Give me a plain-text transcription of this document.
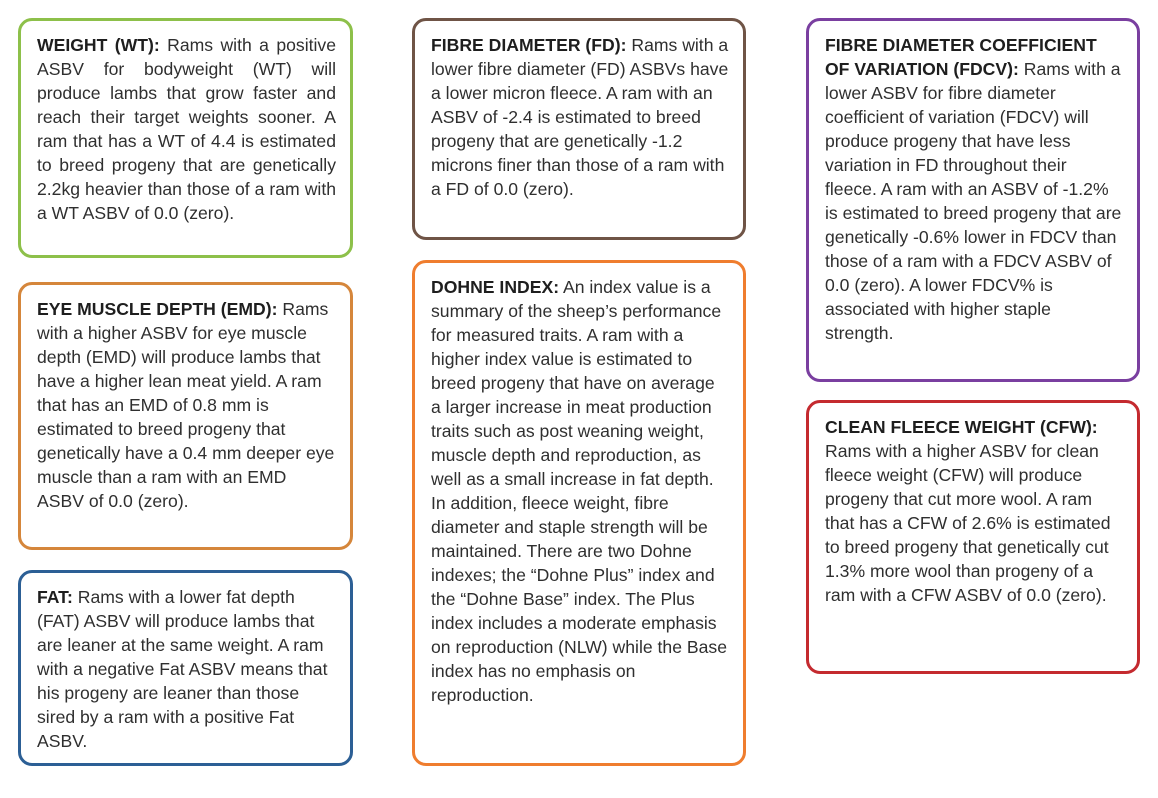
WEIGHT (WT): Rams with a positive ASBV for bodyweight (WT) will produce lambs that grow faster and reach their target weights sooner. A ram that has a WT of 4.4 is estimated to breed progeny that are genetically 2.2kg heavier than those of a ram with a WT ASBV of 0.0 (zero).

EYE MUSCLE DEPTH (EMD): Rams with a higher ASBV for eye muscle depth (EMD) will produce lambs that have a higher lean meat yield. A ram that has an EMD of 0.8 mm is estimated to breed progeny that genetically have a 0.4 mm deeper eye muscle than a ram with an EMD ASBV of 0.0 (zero).

FAT: Rams with a lower fat depth (FAT) ASBV will produce lambs that are leaner at the same weight. A ram with a negative Fat ASBV means that his progeny are leaner than those sired by a ram with a positive Fat ASBV.

FIBRE DIAMETER (FD): Rams with a lower fibre diameter (FD) ASBVs have a lower micron fleece. A ram with an ASBV of -2.4 is estimated to breed progeny that are genetically -1.2 microns finer than those of a ram with a FD of 0.0 (zero).

DOHNE INDEX: An index value is a summary of the sheep’s performance for measured traits. A ram with a higher index value is estimated to breed progeny that have on average a larger increase in meat production traits such as post weaning weight, muscle depth and reproduction, as well as a small increase in fat depth. In addition, fleece weight, fibre diameter and staple strength will be maintained. There are two Dohne indexes; the “Dohne Plus” index and the “Dohne Base” index. The Plus index includes a moderate emphasis on reproduction (NLW) while the Base index has no emphasis on reproduction.

FIBRE DIAMETER COEFFICIENT OF VARIATION (FDCV): Rams with a lower ASBV for fibre diameter coefficient of variation (FDCV) will produce progeny that have less variation in FD throughout their fleece. A ram with an ASBV of -1.2% is estimated to breed progeny that are genetically -0.6% lower in FDCV than those of a ram with a FDCV ASBV of 0.0 (zero). A lower FDCV% is associated with higher staple strength.

CLEAN FLEECE WEIGHT (CFW): Rams with a higher ASBV for clean fleece weight (CFW) will produce progeny that cut more wool. A ram that has a CFW of 2.6% is estimated to breed progeny that genetically cut 1.3% more wool than progeny of a ram with a CFW ASBV of 0.0 (zero).
